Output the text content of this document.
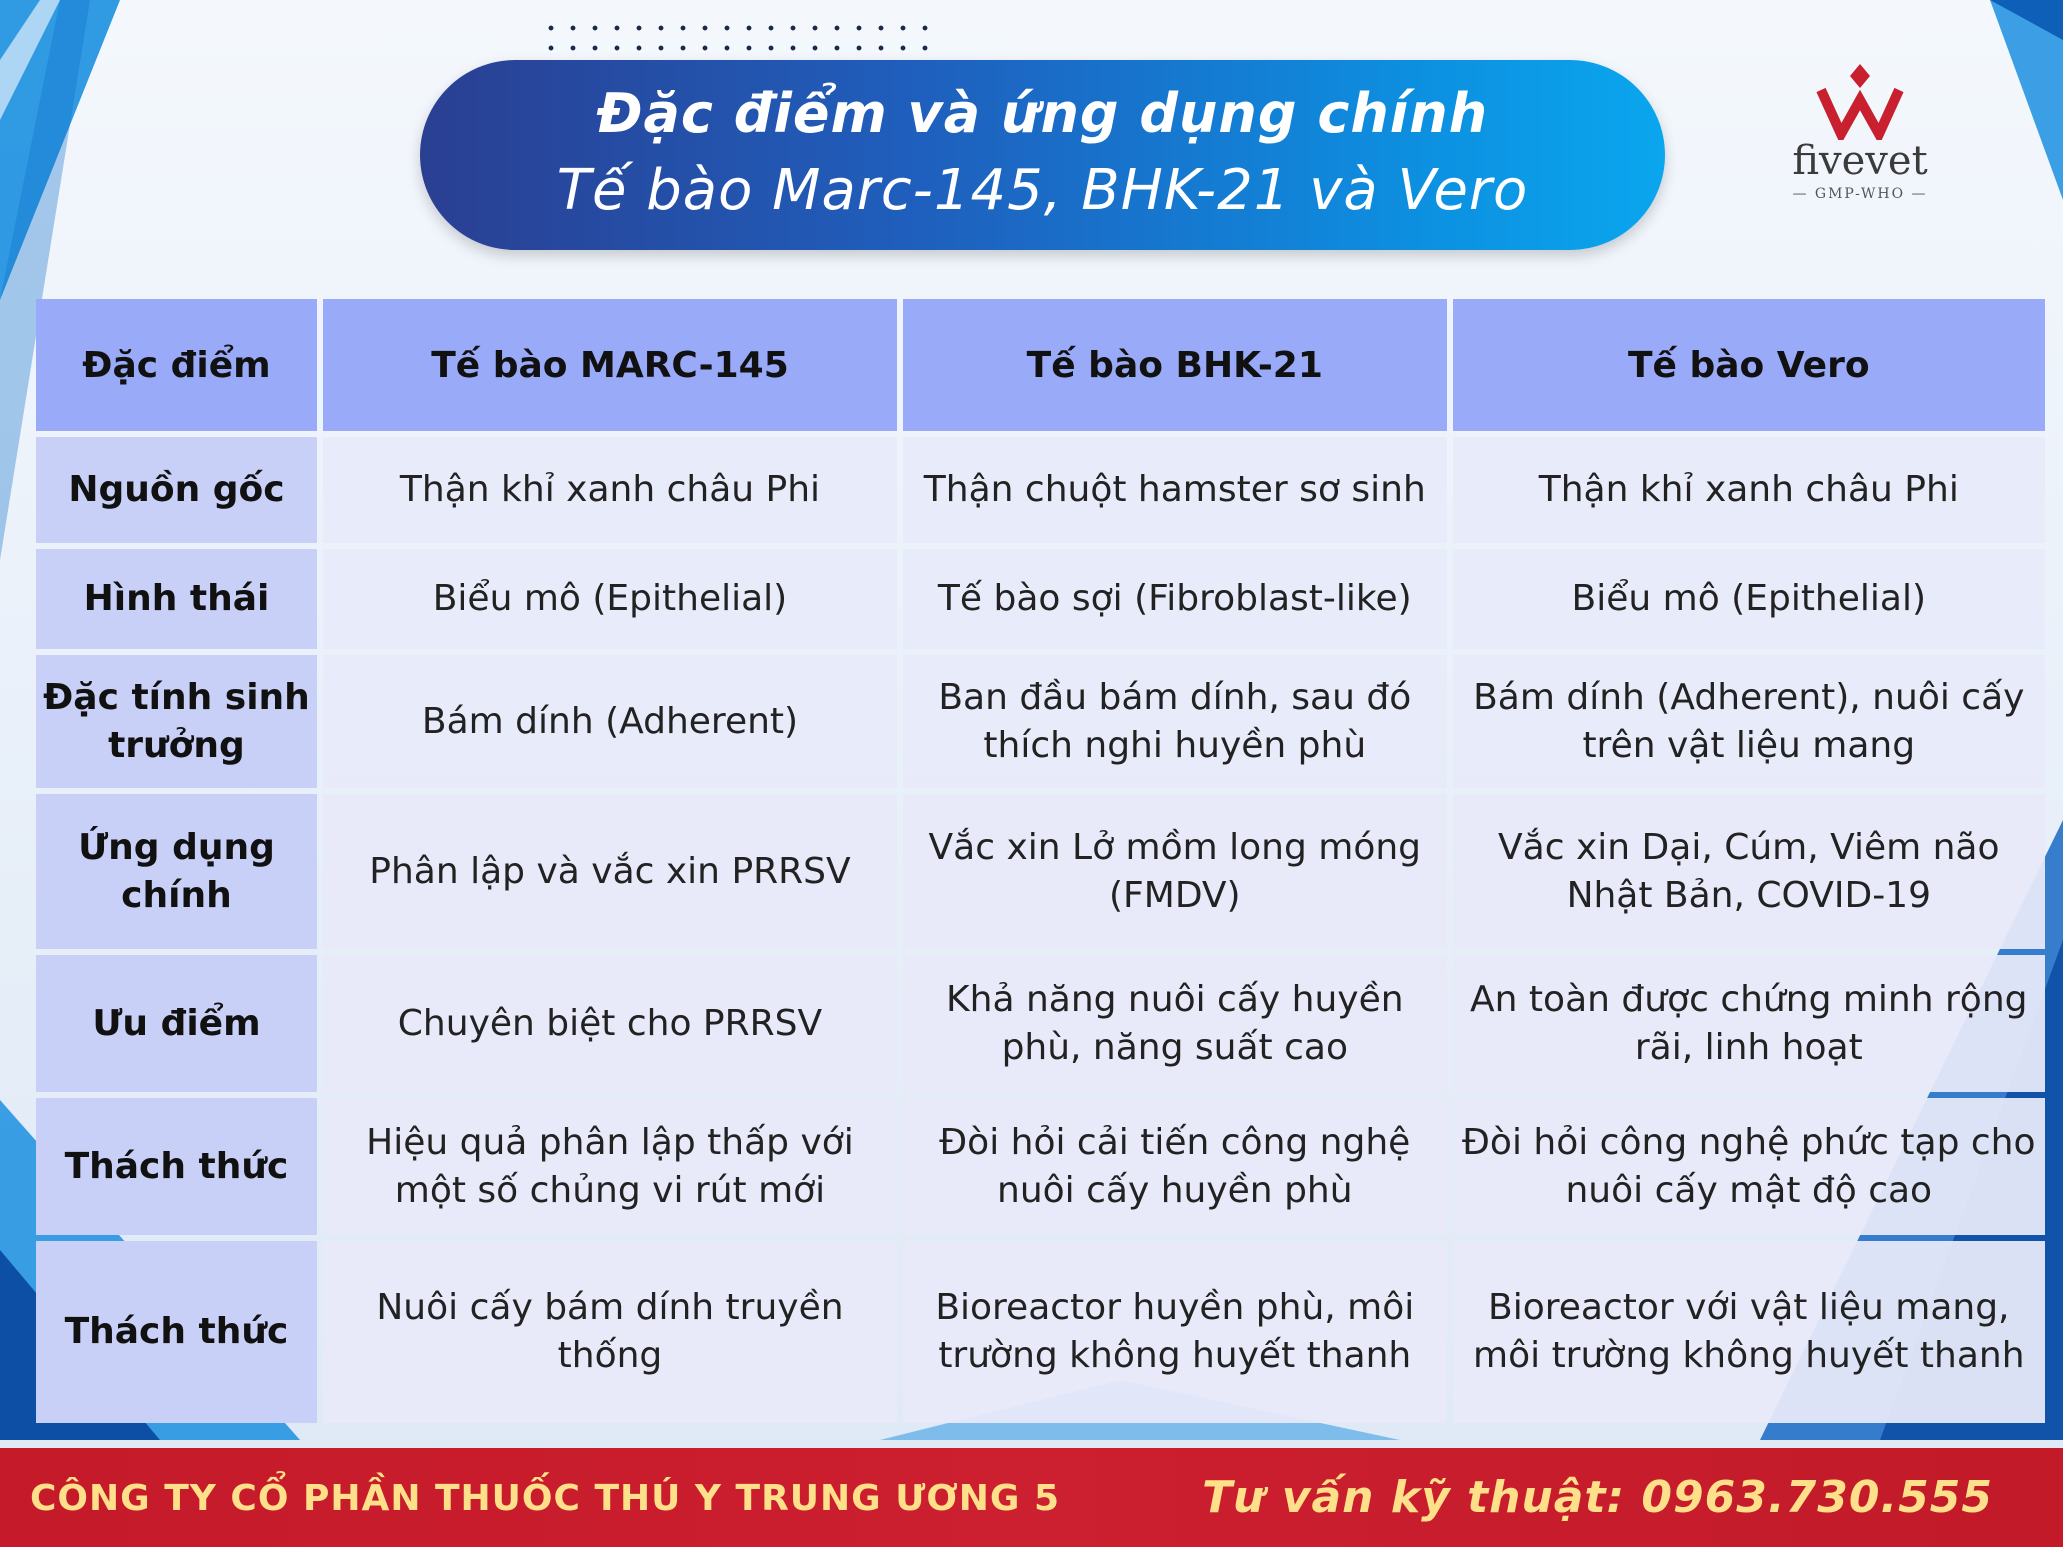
Đặc điểm và ứng dụng chính
Tế bào Marc-145, BHK-21 và Vero	fivevet
— GMP-WHO —
Đặc điểm	Tế bào MARC-145	Tế bào BHK-21	Tế bào Vero
Nguồn gốc	Thận khỉ xanh châu Phi	Thận chuột hamster sơ sinh	Thận khỉ xanh châu Phi
Hình thái	Biểu mô (Epithelial)	Tế bào sợi (Fibroblast-like)	Biểu mô (Epithelial)
Đặc tính sinh trưởng	Bám dính (Adherent)	Ban đầu bám dính, sau đó thích nghi huyền phù	Bám dính (Adherent), nuôi cấy trên vật liệu mang
Ứng dụng chính	Phân lập và vắc xin PRRSV	Vắc xin Lở mồm long móng (FMDV)	Vắc xin Dại, Cúm, Viêm não Nhật Bản, COVID-19
Ưu điểm	Chuyên biệt cho PRRSV	Khả năng nuôi cấy huyền phù, năng suất cao	An toàn được chứng minh rộng rãi, linh hoạt
Thách thức	Hiệu quả phân lập thấp với một số chủng vi rút mới	Đòi hỏi cải tiến công nghệ nuôi cấy huyền phù	Đòi hỏi công nghệ phức tạp cho nuôi cấy mật độ cao
Thách thức	Nuôi cấy bám dính truyền thống	Bioreactor huyền phù, môi trường không huyết thanh	Bioreactor với vật liệu mang, môi trường không huyết thanh
CÔNG TY CỔ PHẦN THUỐC THÚ Y TRUNG ƯƠNG 5	Tư vấn kỹ thuật: 0963.730.555
